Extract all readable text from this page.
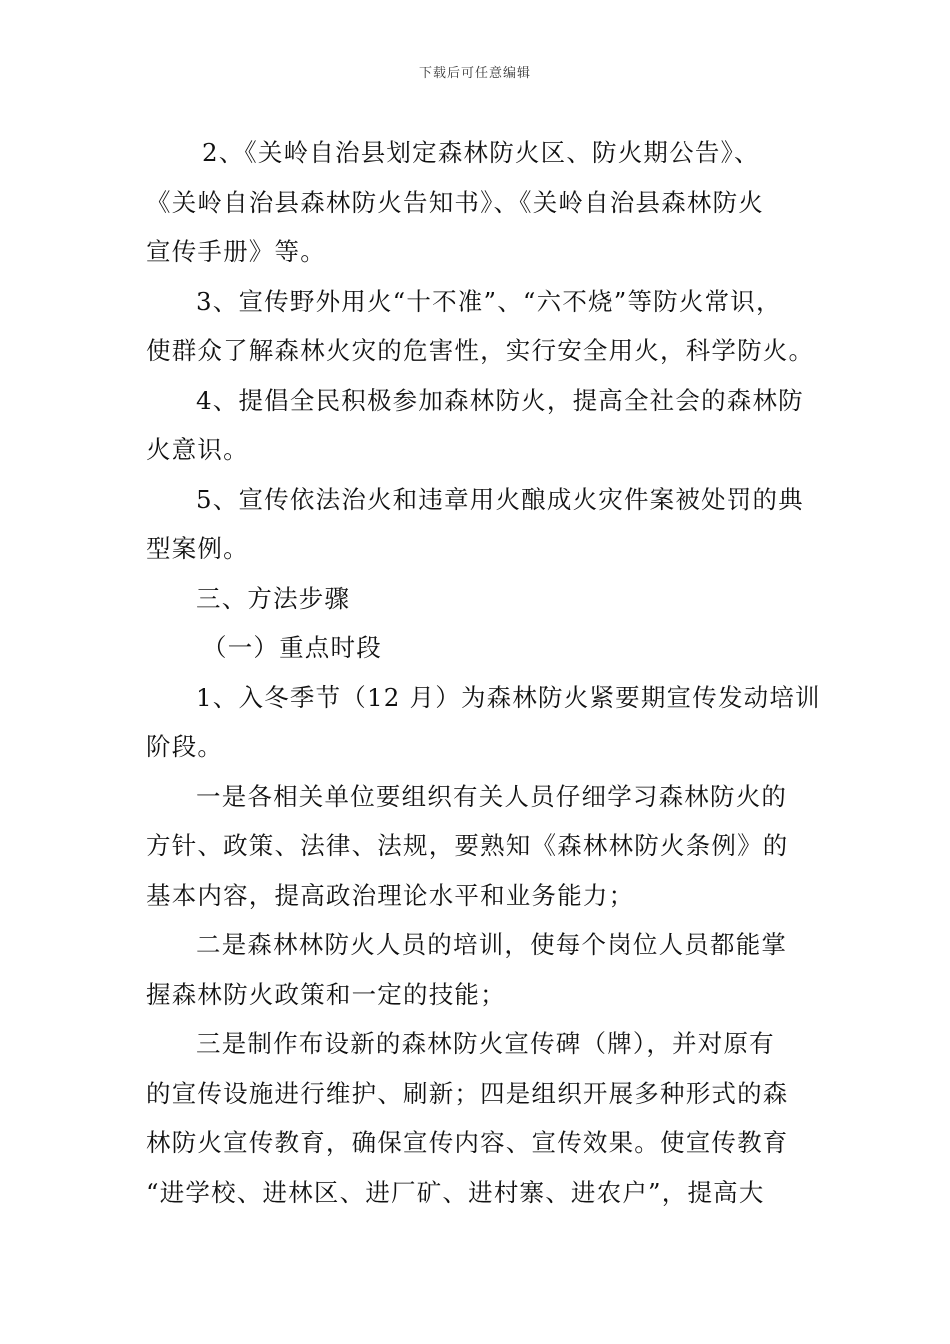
下载后可任意编辑
2、《关岭自治县划定森林防火区、防火期公告》、
《关岭自治县森林防火告知书》、《关岭自治县森林防火
宣传手册》等。
3、宣传野外用火“十不准”、“六不烧”等防火常识，
使群众了解森林火灾的危害性，实行安全用火，科学防火。
4、提倡全民积极参加森林防火，提高全社会的森林防
火意识。
5、宣传依法治火和违章用火酿成火灾件案被处罚的典
型案例。
三、方法步骤
（一）重点时段
1、入冬季节（12 月）为森林防火紧要期宣传发动培训
阶段。
一是各相关单位要组织有关人员仔细学习森林防火的
方针、政策、法律、法规，要熟知《森林林防火条例》的
基本内容，提高政治理论水平和业务能力；
二是森林林防火人员的培训，使每个岗位人员都能掌
握森林防火政策和一定的技能；
三是制作布设新的森林防火宣传碑（牌），并对原有
的宣传设施进行维护、刷新；四是组织开展多种形式的森
林防火宣传教育，确保宣传内容、宣传效果。使宣传教育
“进学校、进林区、进厂矿、进村寨、进农户”，提高大
